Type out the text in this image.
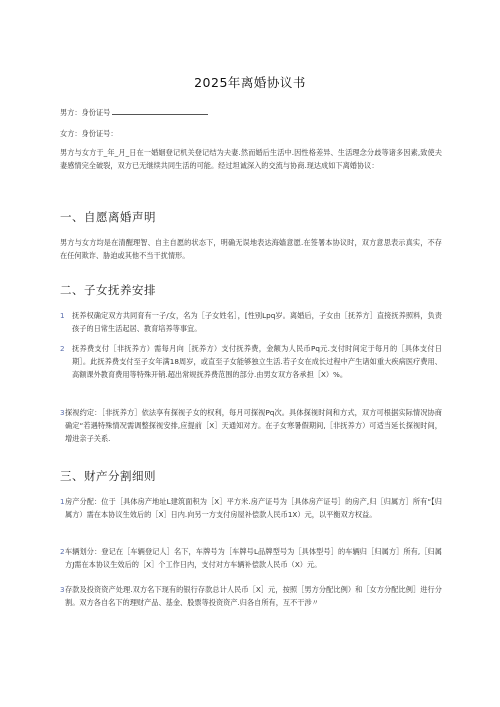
2025年离婚协议书
男方：身份证号
女方：身份证号：
男方与女方于_年_月_日在一婚姻登记机关登记结为夫妻.然而婚后生活中.因性格差异、生活理念分歧等诸多因素,致使夫妻感情完全破裂，双方已无继续共同生活的可能。经过坦诚深入的交流与协商.现达成如下离婚协议：
一、自愿离婚声明
男方与女方均是在清醒理智、自主自愿的状态下，明确无误地表达海嫱意愿.在签署本协议时，双方意思表示真实，不存在任何欺诈、胁迫或其他不当干扰情形。
二、子女抚养安排
1	抚养权确定双方共同育有一子/女，名为［子女姓名］，[性别Lpq岁。离婚后，子女由［抚养方］直接抚养照料，负责孩子的日常生活起居、教育培养等事宜。
2	抚养费支付［非抚养方）需每月向［抚养方）支付抚养费，金额为人民币Pq元.支付时间定于每月的［具体支付日期］。此抚养费支付至子女年满18周岁，或直至子女能够独立生活.若子女在成长过程中产生诸如重大疾病医疗费用、高额课外教育费用等特殊开销.超出常规抚养费范围的部分.由男女双方各承担［X）%。
3 探视约定：［非抚养方］依法享有探视子女的权利，每月可探视Pq次。具体探视时间和方式，双方可根据实际情况协商确定“若遇特殊情况需调整探视安排,应提前［X］天通知对方。在子女寒暑假期间,［非抚养方）可适当延长探视时间，增进亲子关系.
三、财产分割细则
1 房产分配：位于［具体房产地址L建筑面积为［X］平方米.房产证号为［具体房产证号］的房产,归［归属方］所有“【归属方）需在本协议生效后的［X］日内.向另一方支付房屋补偿款人民币1X）元，以平衡双方权益。
2 车辆划分：登记在［车辆登记人］名下，车牌号为［车牌号L品牌型号为［具体型号］的车辆归［归属方］所有,［归属方J需在本协议生效后的［X］个工作日内，支付对方车辆补偿款人民币（X）元。
3 存款及投资资产处理.双方名下现有的银行存款总计人民币［X］元，按照［男方分配比例）和［女方分配比例］进行分割。双方各自名下的理财产品、基金、股票等投资资产.归各自所有，互不干涉〃
